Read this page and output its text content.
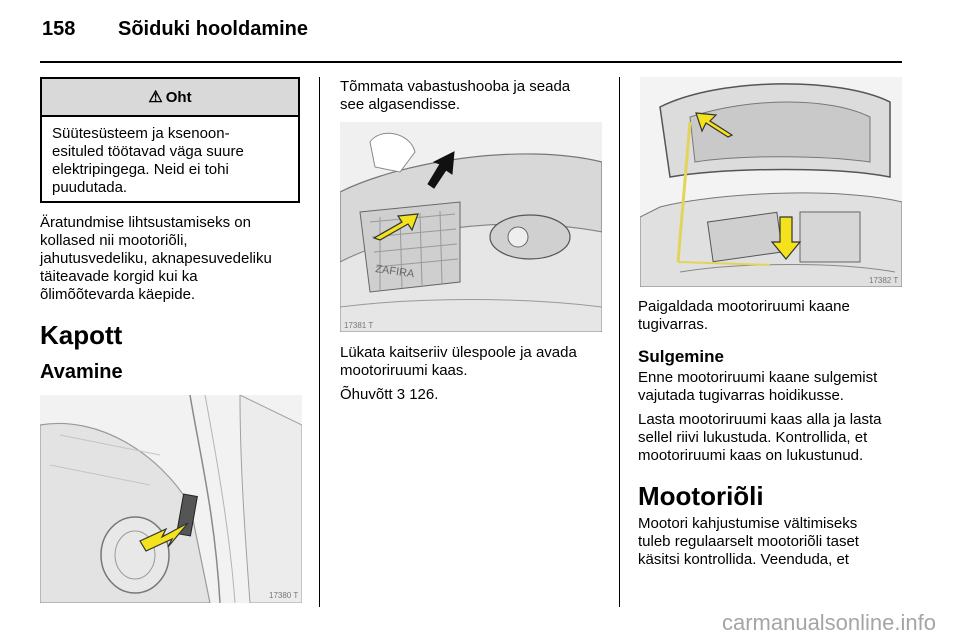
158 Sõiduki hooldamine
⚠ Oht
Süütesüsteem ja ksenoon-
esituled töötavad väga suure
elektripingega. Neid ei tohi
puudutada.
Äratundmise lihtsustamiseks on
kollased nii mootoriõli,
jahutusvedeliku, aknapesuvedeliku
täiteavade korgid kui ka
õlimõõtevarda käepide.
Kapott
Avamine
17380 T
Tõmmata vabastushooba ja seada
see algasendisse.
ZAFIRA
17381 T
Lükata kaitseriiv ülespoole ja avada
mootoriruumi kaas.
Õhuvõtt 3 126.
17382 T
Paigaldada mootoriruumi kaane
tugivarras.
Sulgemine
Enne mootoriruumi kaane sulgemist
vajutada tugivarras hoidikusse.
Lasta mootoriruumi kaas alla ja lasta
sellel riivi lukustuda. Kontrollida, et
mootoriruumi kaas on lukustunud.
Mootoriõli
Mootori kahjustumise vältimiseks
tuleb regulaarselt mootoriõli taset
käsitsi kontrollida. Veenduda, et
carmanualsonline.info
